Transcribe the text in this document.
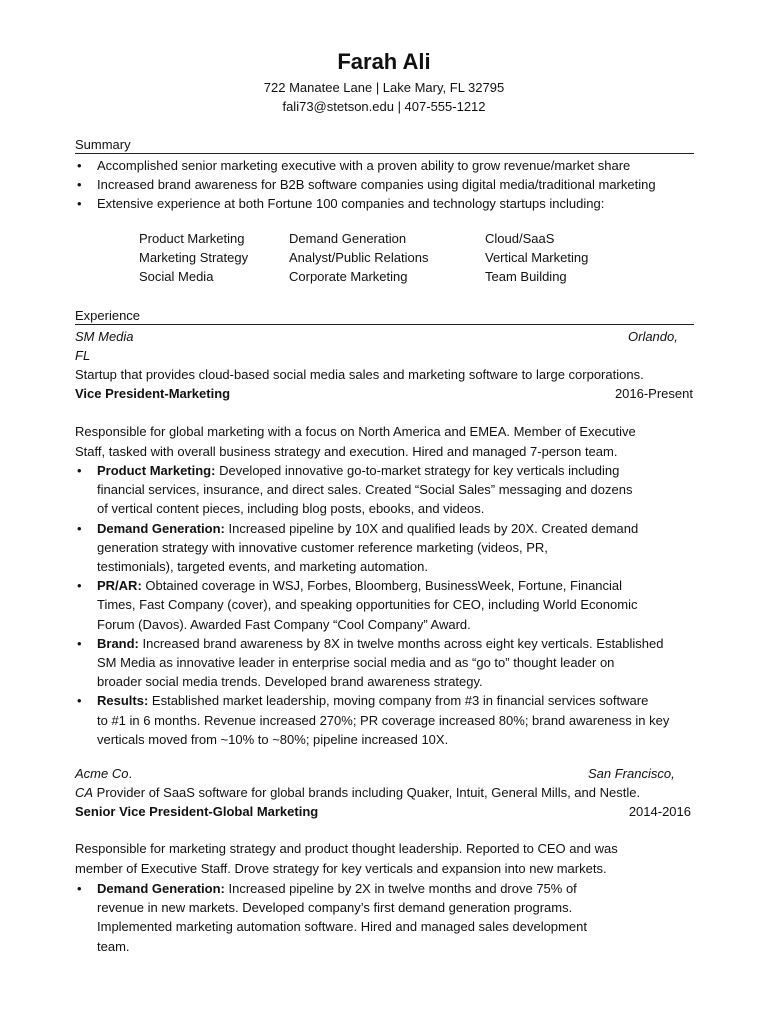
Farah Ali
722 Manatee Lane | Lake Mary, FL 32795
fali73@stetson.edu | 407-555-1212
Summary
• Accomplished senior marketing executive with a proven ability to grow revenue/market share
• Increased brand awareness for B2B software companies using digital media/traditional marketing
• Extensive experience at both Fortune 100 companies and technology startups including:
Product Marketing	Demand Generation	Cloud/SaaS
Marketing Strategy	Analyst/Public Relations	Vertical Marketing
Social Media	Corporate Marketing	Team Building
Experience
SM Media	Orlando,
FL
Startup that provides cloud-based social media sales and marketing software to large corporations.
Vice President-Marketing	2016-Present
Responsible for global marketing with a focus on North America and EMEA. Member of Executive
Staff, tasked with overall business strategy and execution. Hired and managed 7-person team.
• Product Marketing: Developed innovative go-to-market strategy for key verticals including
financial services, insurance, and direct sales. Created “Social Sales” messaging and dozens
of vertical content pieces, including blog posts, ebooks, and videos.
• Demand Generation: Increased pipeline by 10X and qualified leads by 20X. Created demand
generation strategy with innovative customer reference marketing (videos, PR,
testimonials), targeted events, and marketing automation.
• PR/AR: Obtained coverage in WSJ, Forbes, Bloomberg, BusinessWeek, Fortune, Financial
Times, Fast Company (cover), and speaking opportunities for CEO, including World Economic
Forum (Davos). Awarded Fast Company “Cool Company” Award.
• Brand: Increased brand awareness by 8X in twelve months across eight key verticals. Established
SM Media as innovative leader in enterprise social media and as “go to” thought leader on
broader social media trends. Developed brand awareness strategy.
• Results: Established market leadership, moving company from #3 in financial services software
to #1 in 6 months. Revenue increased 270%; PR coverage increased 80%; brand awareness in key
verticals moved from ~10% to ~80%; pipeline increased 10X.
Acme Co.	San Francisco,
CA Provider of SaaS software for global brands including Quaker, Intuit, General Mills, and Nestle.
Senior Vice President-Global Marketing	2014-2016
Responsible for marketing strategy and product thought leadership. Reported to CEO and was
member of Executive Staff. Drove strategy for key verticals and expansion into new markets.
• Demand Generation: Increased pipeline by 2X in twelve months and drove 75% of
revenue in new markets. Developed company’s first demand generation programs.
Implemented marketing automation software. Hired and managed sales development
team.
